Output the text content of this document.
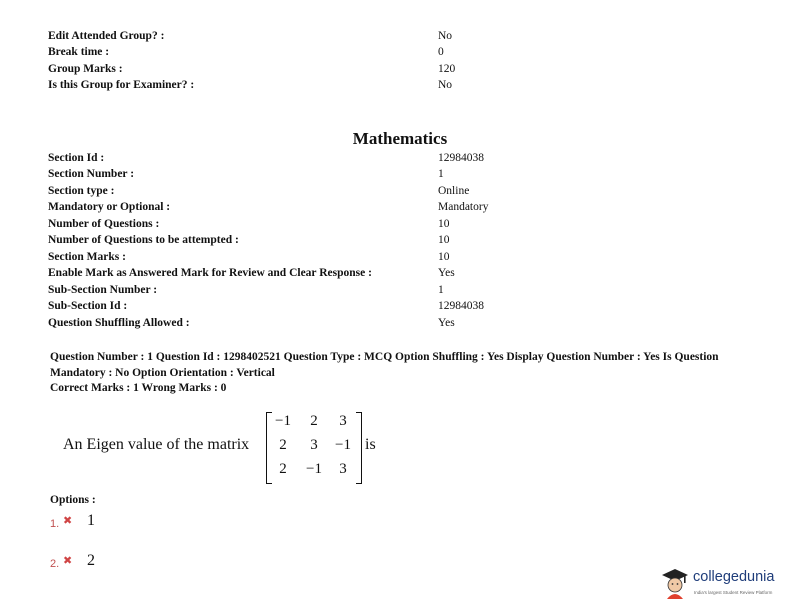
Edit Attended Group? :	No
Break time :	0
Group Marks :	120
Is this Group for Examiner? :	No
Mathematics
Section Id :	12984038
Section Number :	1
Section type :	Online
Mandatory or Optional :	Mandatory
Number of Questions :	10
Number of Questions to be attempted :	10
Section Marks :	10
Enable Mark as Answered Mark for Review and Clear Response :	Yes
Sub-Section Number :	1
Sub-Section Id :	12984038
Question Shuffling Allowed :	Yes
Question Number : 1 Question Id : 1298402521 Question Type : MCQ Option Shuffling : Yes Display Question Number : Yes Is Question
Mandatory : No Option Orientation : Vertical
Correct Marks : 1 Wrong Marks : 0
An Eigen value of the matrix
−1	2	3
2	3	−1
2	−1	3
is
Options :
1. ✖ 1
2. ✖ 2
collegedunia
India's largest Student Review Platform
